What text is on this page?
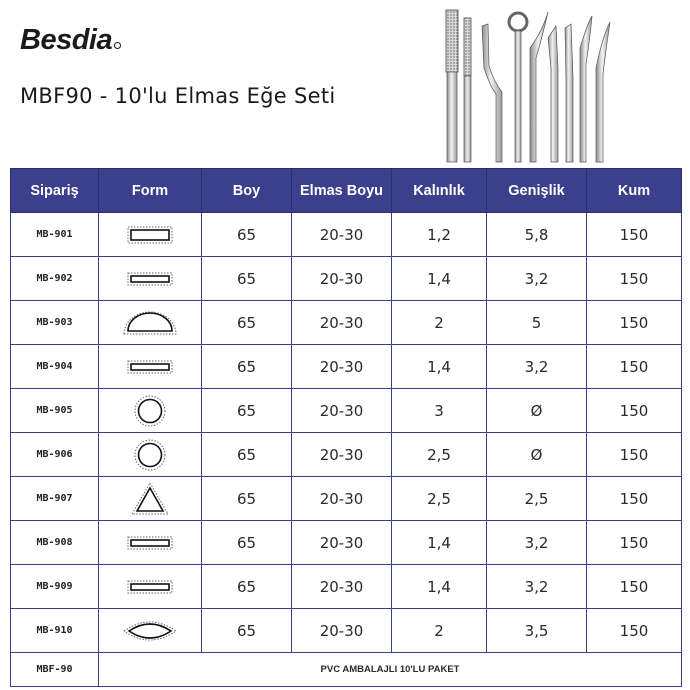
Besdia
MBF90 - 10'lu Elmas Eğe Seti
Sipariş	Form	Boy	Elmas Boyu	Kalınlık	Genişlik	Kum
MB-901		65	20-30	1,2	5,8	150
MB-902		65	20-30	1,4	3,2	150
MB-903		65	20-30	2	5	150
MB-904		65	20-30	1,4	3,2	150
MB-905		65	20-30	3	Ø	150
MB-906		65	20-30	2,5	Ø	150
MB-907		65	20-30	2,5	2,5	150
MB-908		65	20-30	1,4	3,2	150
MB-909		65	20-30	1,4	3,2	150
MB-910		65	20-30	2	3,5	150
MBF-90	PVC AMBALAJLI 10'LU PAKET					
